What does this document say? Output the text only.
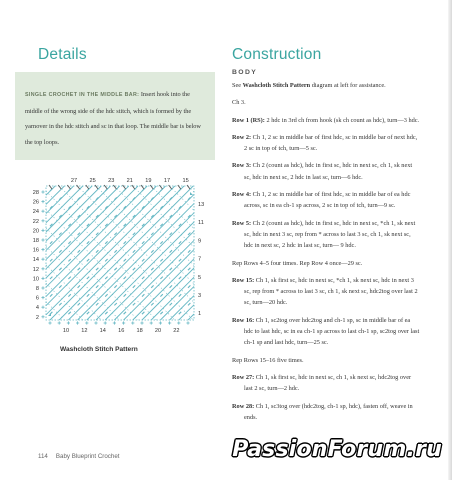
Details	Construction
SINGLE CROCHET IN THE MIDDLE BAR: Insert hook into the middle of the wrong side of the hdc stitch, which is formed by the yarnover in the hdc stitch and sc in that loop. The middle bar is below the top loops.
27 25 23 21 19 17 15
10 12 14 16 18 20 22
28
26
24
22
20
18
16
14
12
10
8
6
4
2
13
11
9
7
5
3
1
Washcloth Stitch Pattern
BODY

See Washcloth Stitch Pattern diagram at left for assistance.

Ch 3.

Row 1 (RS): 2 hdc in 3rd ch from hook (sk ch count as hdc), turn—3 hdc.

Row 2: Ch 1, 2 sc in middle bar of first hdc, sc in middle bar of next hdc, 2 sc in top of tch, turn—5 sc.

Row 3: Ch 2 (count as hdc), hdc in first sc, hdc in next sc, ch 1, sk next sc, hdc in next sc, 2 hdc in last sc, turn—6 hdc.

Row 4: Ch 1, 2 sc in middle bar of first hdc, sc in middle bar of ea hdc across, sc in ea ch-1 sp across, 2 sc in top of tch, turn—9 sc.

Row 5: Ch 2 (count as hdc), hdc in first sc, hdc in next sc, *ch 1, sk next sc, hdc in next 3 sc, rep from * across to last 3 sc, ch 1, sk next sc, hdc in next sc, 2 hdc in last sc, turn— 9 hdc.

Rep Rows 4–5 four times. Rep Row 4 once—29 sc.

Row 15: Ch 1, sk first sc, hdc in next sc, *ch 1, sk next sc, hdc in next 3 sc, rep from * across to last 3 sc, ch 1, sk next sc, hdc2tog over last 2 sc, turn—20 hdc.

Row 16: Ch 1, sc2tog over hdc2tog and ch-1 sp, sc in middle bar of ea hdc to last hdc, sc in ea ch-1 sp across to last ch-1 sp, sc2tog over last ch-1 sp and last hdc, turn—25 sc.

Rep Rows 15–16 five times.

Row 27: Ch 1, sk first sc, hdc in next sc, ch 1, sk next sc, hdc2tog over last 2 sc, turn—2 hdc.

Row 28: Ch 1, sc3tog over (hdc2tog, ch-1 sp, hdc), fasten off, weave in ends.

114 Baby Blueprint Crochet	PassionForum.ru
